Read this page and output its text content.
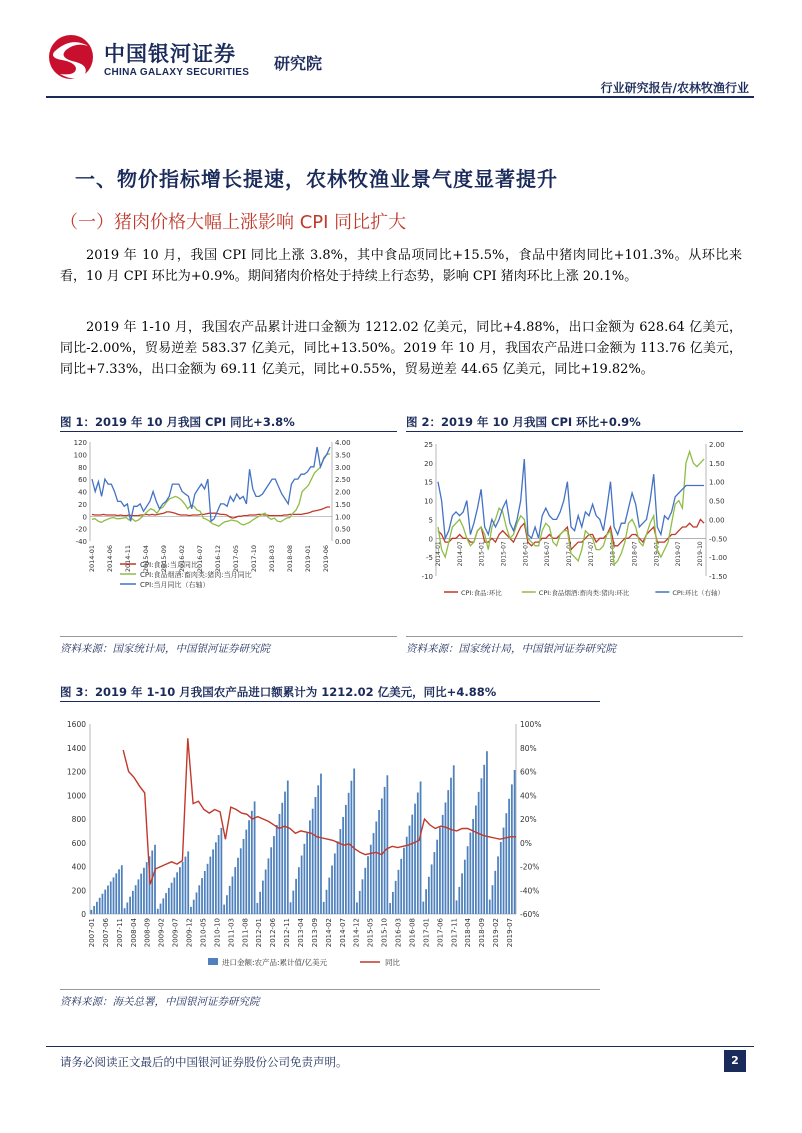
中国银河证券
CHINA GALAXY SECURITIES 研究院
行业研究报告/农林牧渔行业
一、物价指标增长提速，农林牧渔业景气度显著提升
（一）猪肉价格大幅上涨影响 CPI 同比扩大
2019 年 10 月，我国 CPI 同比上涨 3.8%，其中食品项同比+15.5%，食品中猪肉同比+101.3%。从环比来看，10 月 CPI 环比为+0.9%。期间猪肉价格处于持续上行态势，影响 CPI 猪肉环比上涨 20.1%。
2019 年 1-10 月，我国农产品累计进口金额为 1212.02 亿美元，同比+4.88%，出口金额为 628.64 亿美元，同比-2.00%，贸易逆差 583.37 亿美元，同比+13.50%。2019 年 10 月，我国农产品进口金额为 113.76 亿美元，同比+7.33%，出口金额为 69.11 亿美元，同比+0.55%，贸易逆差 44.65 亿美元，同比+19.82%。
图 1：2019 年 10 月我国 CPI 同比+3.8%
120
100
80
60
40
20
0
-20
-40
4.00
3.50
3.00
2.50
2.00
1.50
1.00
0.50
0.00
2014-01 2014-06 2014-11 2015-04 2015-09 2016-02 2016-07 2016-12 2017-05 2017-10 2018-03 2018-08 2019-01 2019-06
CPI:食品:当月同比
CPI:食品烟酒:畜肉类:猪肉:当月同比
CPI:当月同比（右轴）
资料来源：国家统计局，中国银河证券研究院
图 2：2019 年 10 月我国 CPI 环比+0.9%
25
20
15
10
5
0
-5
-10
2.00
1.50
1.00
0.50
0.00
-0.50
-1.00
-1.50
2014-01 2014-07 2015-01 2015-07 2016-01 2016-07 2017-01 2017-07 2018-01 2018-07 2019-01 2019-07 2019-10
CPI:食品:环比	CPI:食品烟酒:畜肉类:猪肉:环比	CPI:环比（右轴）
资料来源：国家统计局，中国银河证券研究院
图 3：2019 年 1-10 月我国农产品进口额累计为 1212.02 亿美元，同比+4.88%
1600
1400
1200
1000
800
600
400
200
0
100%
80%
60%
40%
20%
0%
-20%
-40%
-60%
2007-01 2007-06 2007-11 2008-04 2008-09 2009-02 2009-07 2009-12 2010-05 2010-10 2011-03 2011-08 2012-01 2012-06 2012-11 2013-04 2013-09 2014-02 2014-07 2014-12 2015-05 2015-10 2016-03 2016-08 2017-01 2017-06 2017-11 2018-04 2018-09 2019-02 2019-07
进口金额:农产品:累计值/亿美元	同比
资料来源：海关总署，中国银河证券研究院
请务必阅读正文最后的中国银河证券股份公司免责声明。	2
